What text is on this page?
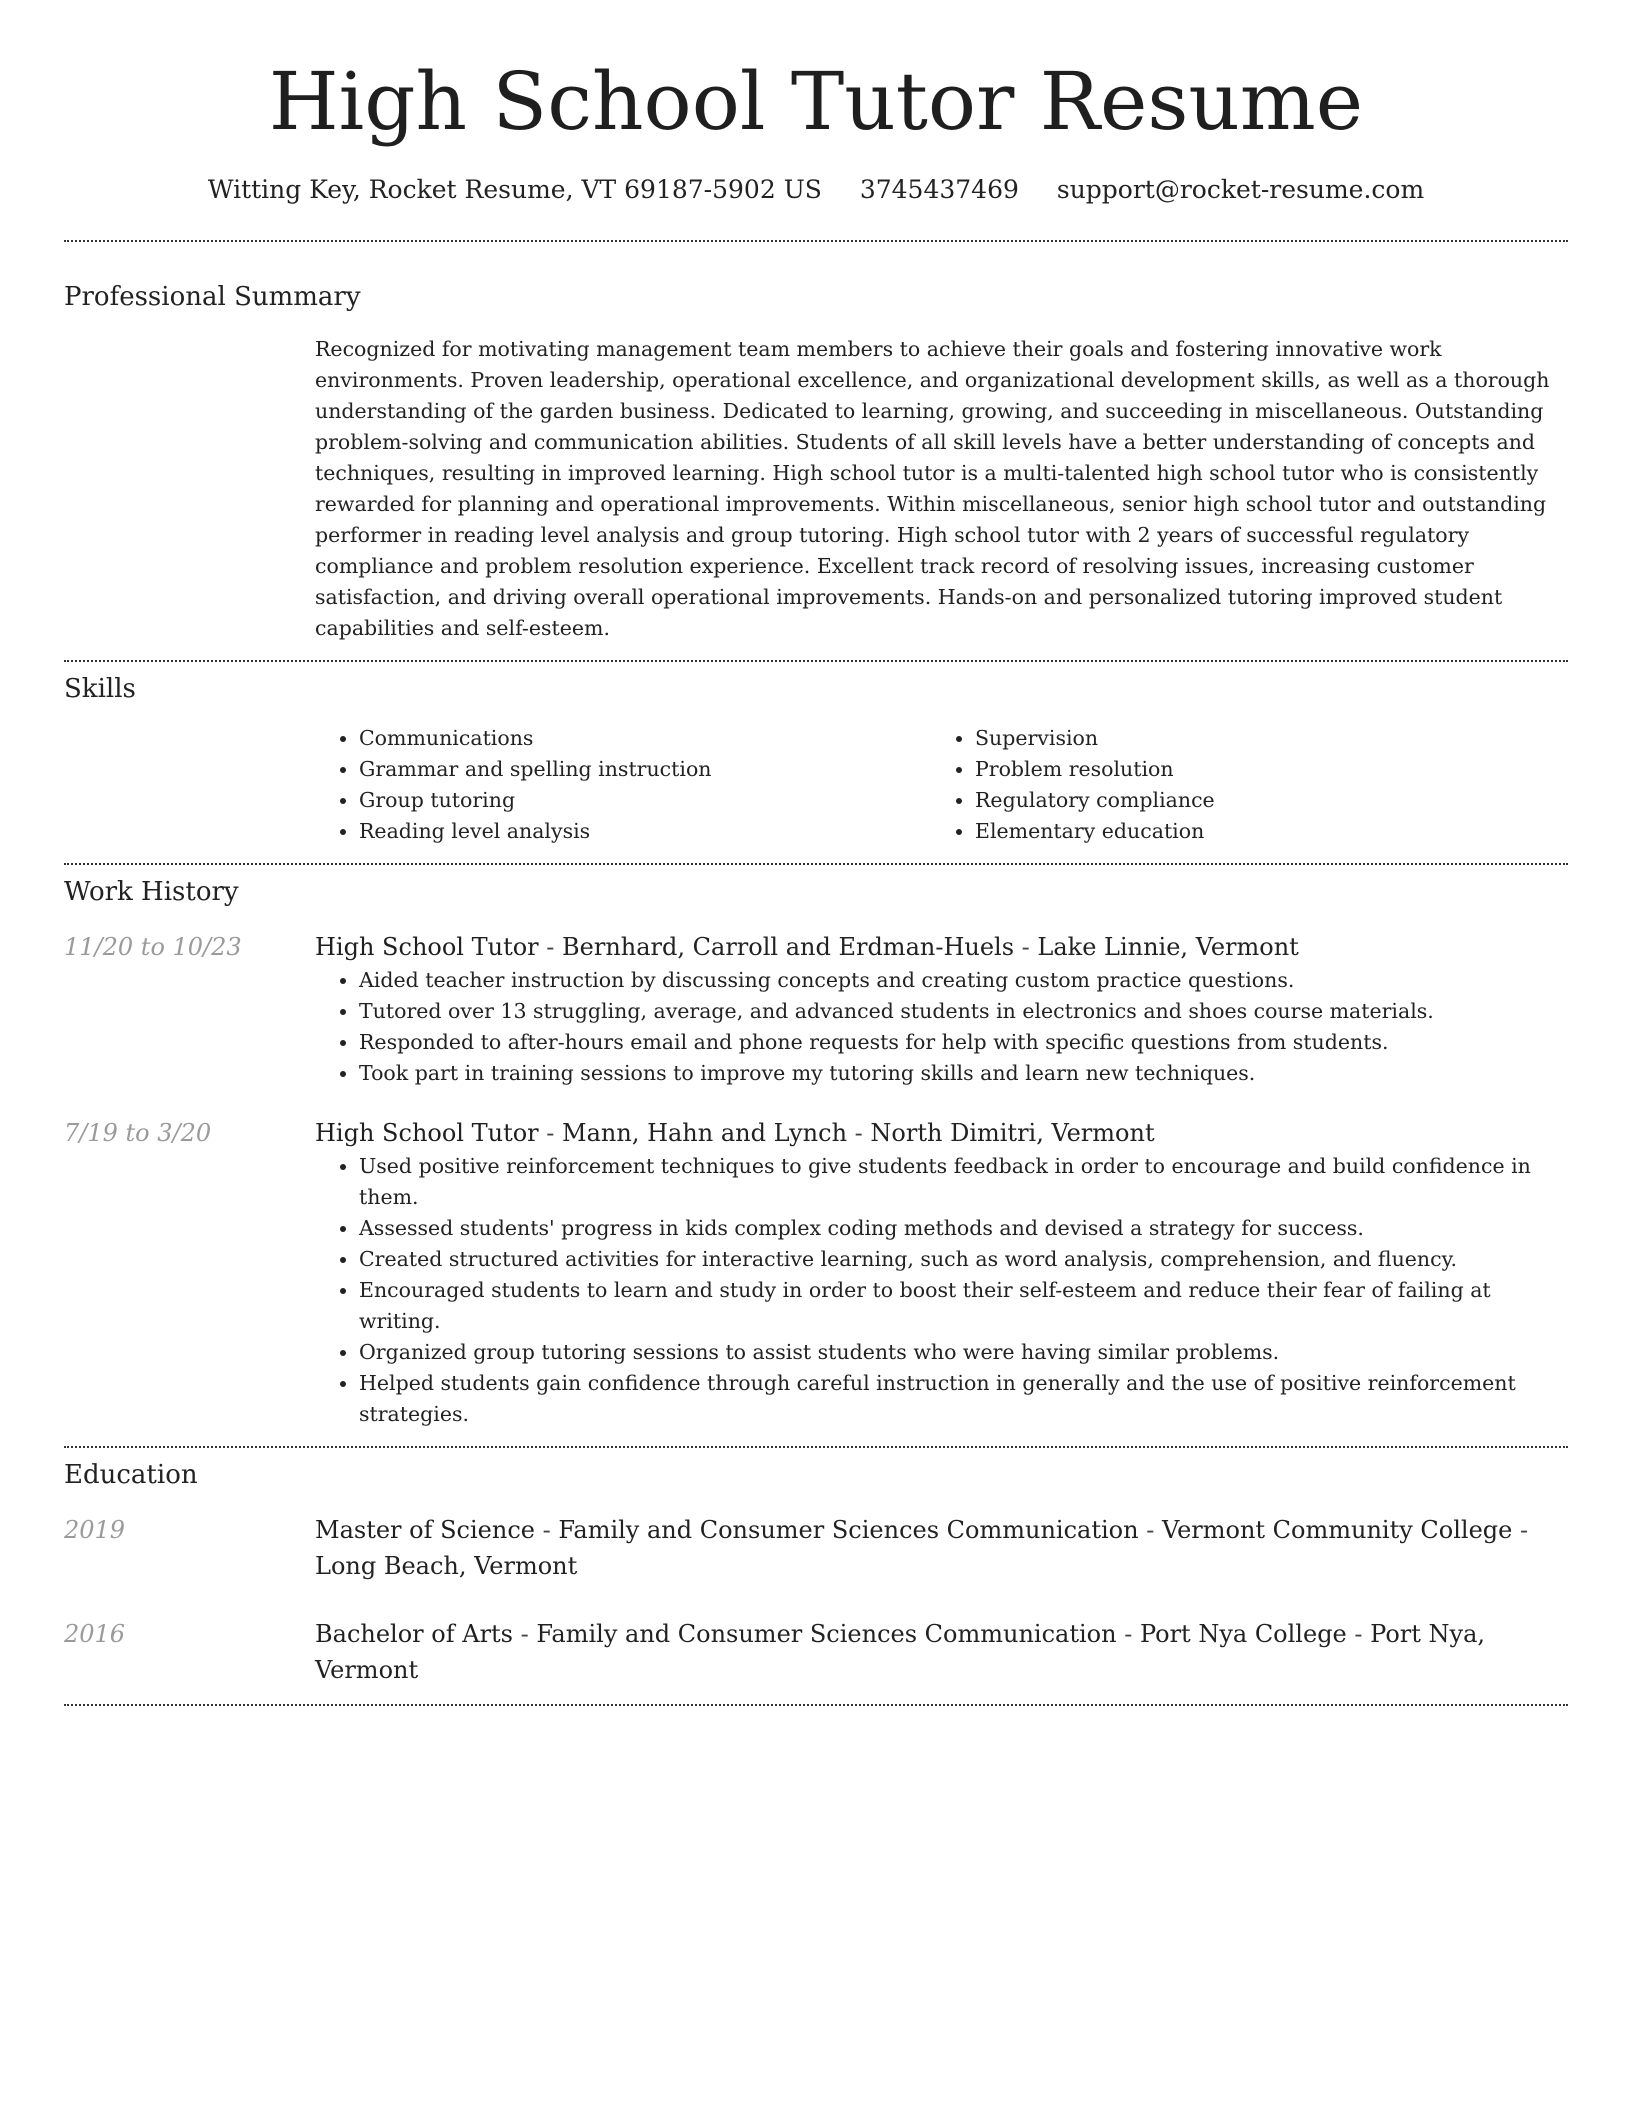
High School Tutor Resume
Witting Key, Rocket Resume, VT 69187-5902 US 3745437469 support@rocket-resume.com
Professional Summary

Recognized for motivating management team members to achieve their goals and fostering innovative work environments. Proven leadership, operational excellence, and organizational development skills, as well as a thorough understanding of the garden business. Dedicated to learning, growing, and succeeding in miscellaneous. Outstanding problem-solving and communication abilities. Students of all skill levels have a better understanding of concepts and techniques, resulting in improved learning. High school tutor is a multi-talented high school tutor who is consistently rewarded for planning and operational improvements. Within miscellaneous, senior high school tutor and outstanding performer in reading level analysis and group tutoring. High school tutor with 2 years of successful regulatory compliance and problem resolution experience. Excellent track record of resolving issues, increasing customer satisfaction, and driving overall operational improvements. Hands-on and personalized tutoring improved student capabilities and self-esteem.

Skills
• Communications
• Grammar and spelling instruction
• Group tutoring
• Reading level analysis
• Supervision
• Problem resolution
• Regulatory compliance
• Elementary education
Work History
11/20 to 10/23	High School Tutor - Bernhard, Carroll and Erdman-Huels - Lake Linnie, Vermont
• Aided teacher instruction by discussing concepts and creating custom practice questions.
• Tutored over 13 struggling, average, and advanced students in electronics and shoes course materials.
• Responded to after-hours email and phone requests for help with specific questions from students.
• Took part in training sessions to improve my tutoring skills and learn new techniques.
7/19 to 3/20	High School Tutor - Mann, Hahn and Lynch - North Dimitri, Vermont
• Used positive reinforcement techniques to give students feedback in order to encourage and build confidence in them.
• Assessed students' progress in kids complex coding methods and devised a strategy for success.
• Created structured activities for interactive learning, such as word analysis, comprehension, and fluency.
• Encouraged students to learn and study in order to boost their self-esteem and reduce their fear of failing at writing.
• Organized group tutoring sessions to assist students who were having similar problems.
• Helped students gain confidence through careful instruction in generally and the use of positive reinforcement strategies.
Education
2019	Master of Science - Family and Consumer Sciences Communication - Vermont Community College - Long Beach, Vermont
2016	Bachelor of Arts - Family and Consumer Sciences Communication - Port Nya College - Port Nya, Vermont
